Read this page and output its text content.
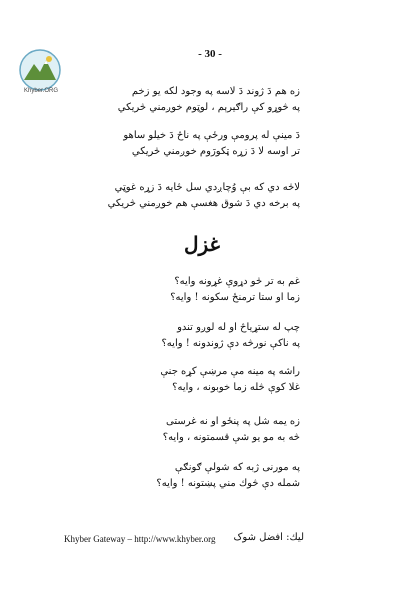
- 30 -
Khyber.ORG	زه هم دَ ژوند دَ لاسه په وجود لكه يو زخم
په څوړو كې راګيرېم ، لوټوم خوږمني څريكي
دَ مينې له پرومې ورځې په ناڅ دَ خيلو ساهو
تر اوسه لا دَ زړه ټكورَوم خوږمني څريكي
لاڅه دي كه بې وُچاږدي سل ځايه دَ زړه غوټي
په برخه دي دَ شوق هغسې هم خوږمني څريكي
غزل
غم به تر څو دړوې غړونه وايه؟
زما او ستا ترمنځ سكونه ! وايه؟
چپ له ستړياڅ او له لوږو تندو
په ناكې نورڅه دې ژوندونه ! وايه؟
راشه په مينه مې مرښې كړه جنې
غلا كوې څله زما خوبونه ، وايه؟
زه يمه شل په پنځو او نه غرستى
څه به مو يو شې قسمتونه ، وايه؟
په مورنى ژبه كه شولې ګونګې
شمله دې څوك مني پښتونه ! وايه؟
Khyber Gateway – http://www.khyber.org ليك: افضل شوک
